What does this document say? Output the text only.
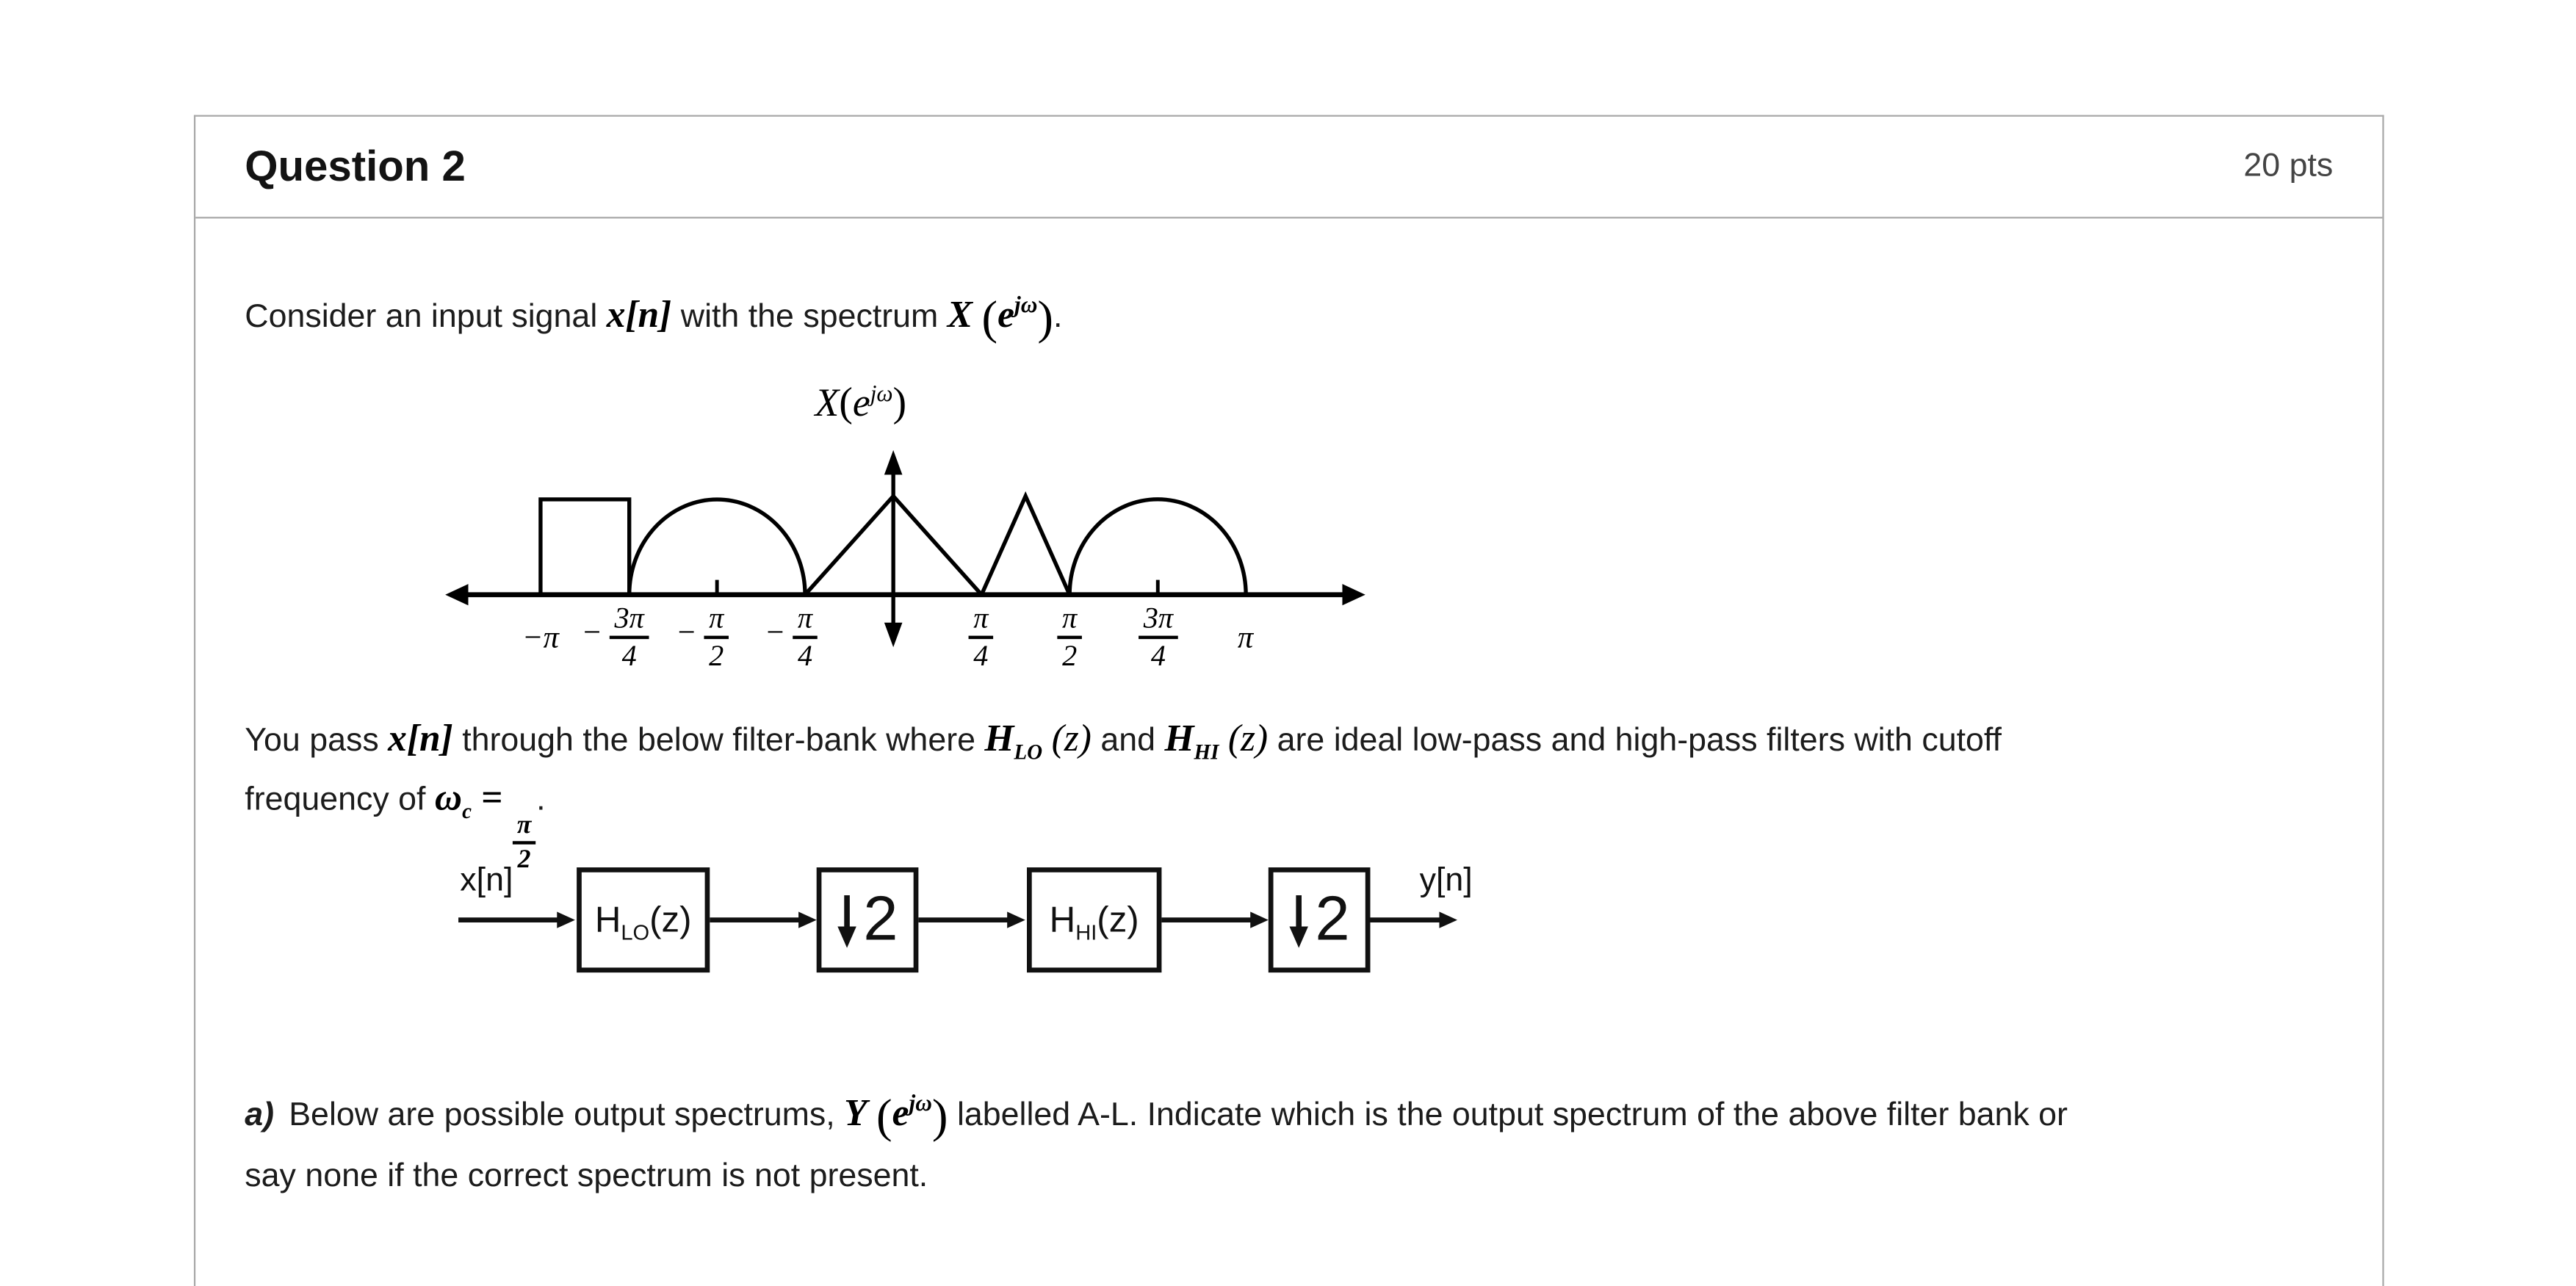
Question 2	20 pts
Consider an input signal x[n] with the spectrum X $(e^{j\omega})$.
X(ejω)
−π −	3π
4
−	π
2
−	π
4
π
4
π
2
3π
4	π
You pass x[n] through the below filter-bank where $H_{LO}$ (z) and $H_{HI}$ (z) are ideal low-pass and high-pass filters with cutoff
frequency of $\omega_c$ =
$\frac{\pi}{2}$
.
x[n]	y[n]
$H_{LO}(z)$	2	$H_{HI}(z)$	2
a) Below are possible output spectrums, Y $(e^{j\omega})$ labelled A-L. Indicate which is the output spectrum of the above filter bank or
say none if the correct spectrum is not present.
